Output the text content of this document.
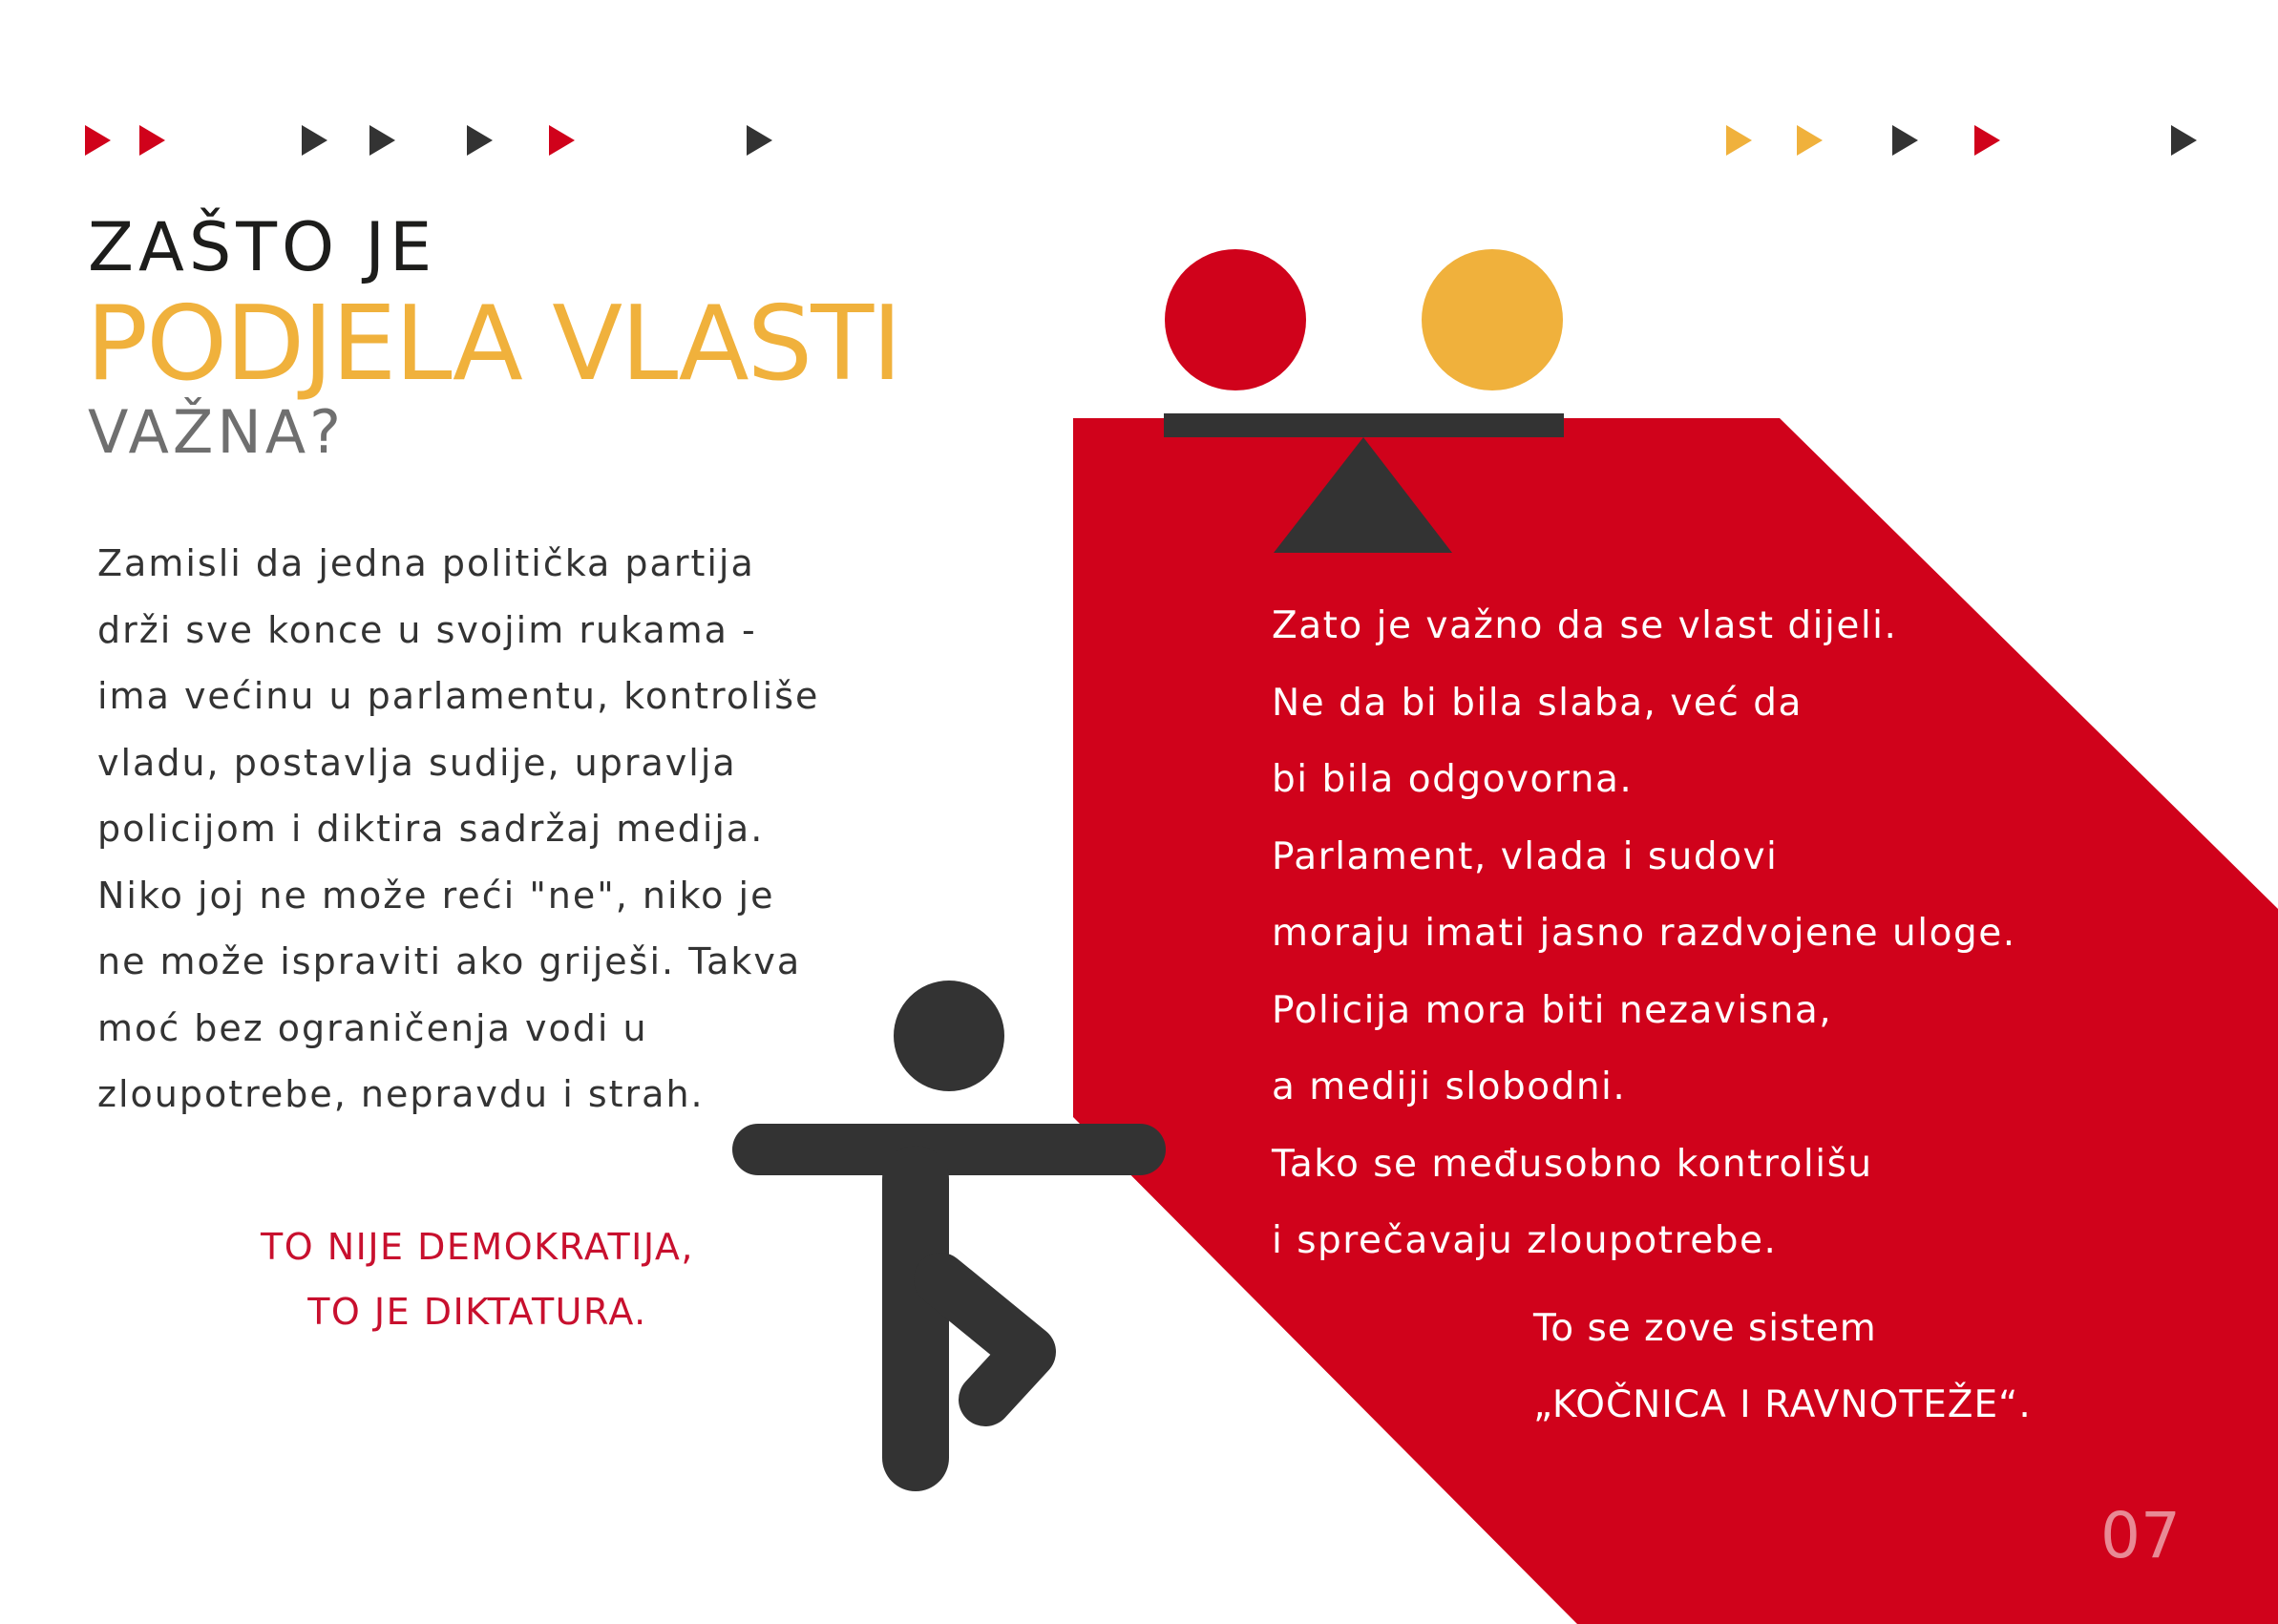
ZAŠTO JE
PODJELA VLASTI
VAŽNA?
Zamisli da jedna politička partija
drži sve konce u svojim rukama -
ima većinu u parlamentu, kontroliše
vladu, postavlja sudije, upravlja
policijom i diktira sadržaj medija.
Niko joj ne može reći "ne", niko je
ne može ispraviti ako griješi. Takva
moć bez ograničenja vodi u
zloupotrebe, nepravdu i strah.
TO NIJE DEMOKRATIJA,
TO JE DIKTATURA.
Zato je važno da se vlast dijeli.
Ne da bi bila slaba, već da
bi bila odgovorna.
Parlament, vlada i sudovi
moraju imati jasno razdvojene uloge.
Policija mora biti nezavisna,
a mediji slobodni.
Tako se međusobno kontrolišu
i sprečavaju zloupotrebe.
To se zove sistem
„KOČNICA I RAVNOTEŽE“.
07
